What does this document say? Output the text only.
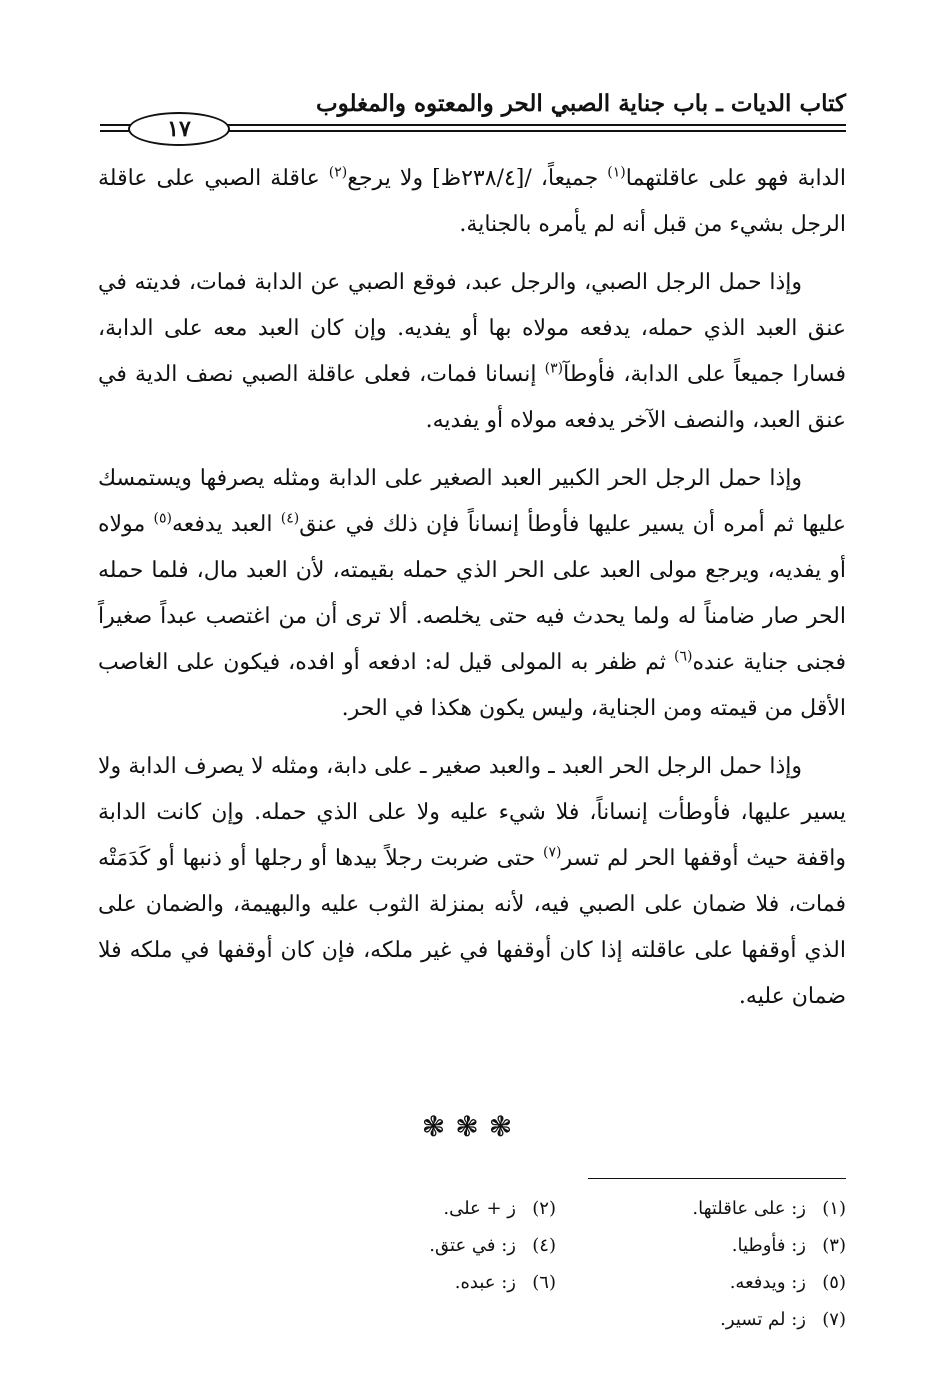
كتاب الديات ـ باب جناية الصبي الحر والمعتوه والمغلوب
١٧

الدابة فهو على عاقلتهما$^{(١)}$ جميعاً، /[٢٣٨/٤ظ] ولا يرجع$^{(٢)}$ عاقلة الصبي على عاقلة الرجل بشيء من قبل أنه لم يأمره بالجناية.

وإذا حمل الرجل الصبي، والرجل عبد، فوقع الصبي عن الدابة فمات، فديته في عنق العبد الذي حمله، يدفعه مولاه بها أو يفديه. وإن كان العبد معه على الدابة، فسارا جميعاً على الدابة، فأوطآ$^{(٣)}$ إنسانا فمات، فعلى عاقلة الصبي نصف الدية في عنق العبد، والنصف الآخر يدفعه مولاه أو يفديه.

وإذا حمل الرجل الحر الكبير العبد الصغير على الدابة ومثله يصرفها ويستمسك عليها ثم أمره أن يسير عليها فأوطأ إنساناً فإن ذلك في عنق$^{(٤)}$ العبد يدفعه$^{(٥)}$ مولاه أو يفديه، ويرجع مولى العبد على الحر الذي حمله بقيمته، لأن العبد مال، فلما حمله الحر صار ضامناً له ولما يحدث فيه حتى يخلصه. ألا ترى أن من اغتصب عبداً صغيراً فجنى جناية عنده$^{(٦)}$ ثم ظفر به المولى قيل له: ادفعه أو افده، فيكون على الغاصب الأقل من قيمته ومن الجناية، وليس يكون هكذا في الحر.

وإذا حمل الرجل الحر العبد ـ والعبد صغير ـ على دابة، ومثله لا يصرف الدابة ولا يسير عليها، فأوطأت إنساناً، فلا شيء عليه ولا على الذي حمله. وإن كانت الدابة واقفة حيث أوقفها الحر لم تسر$^{(٧)}$ حتى ضربت رجلاً بيدها أو رجلها أو ذنبها أو كَدَمَتْه فمات، فلا ضمان على الصبي فيه، لأنه بمنزلة الثوب عليه والبهيمة، والضمان على الذي أوقفها على عاقلته إذا كان أوقفها في غير ملكه، فإن كان أوقفها في ملكه فلا ضمان عليه.

❃❃❃
(١)ز: على عاقلتها.
(٢)ز + على.
(٣)ز: فأوطيا.
(٤)ز: في عتق.
(٥)ز: ويدفعه.
(٦)ز: عبده.
(٧)ز: لم تسير.
